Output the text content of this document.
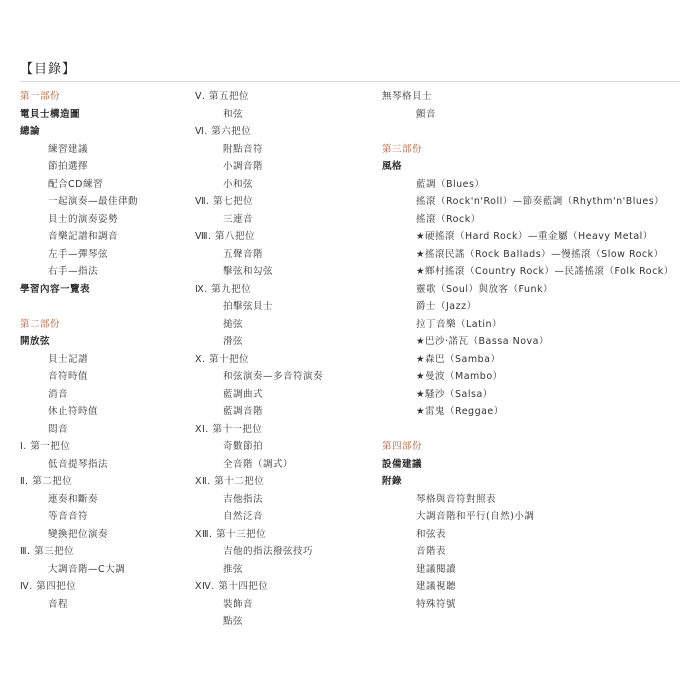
【目錄】
第一部份
電貝士構造圖
總論
練習建議
節拍選擇
配合CD練習
一起演奏—最佳律動
貝士的演奏姿勢
音樂記譜和調音
左手—彈琴弦
右手—指法
學習內容一覽表
第二部份
開放弦
貝士記譜
音符時值
消音
休止符時值
悶音
Ⅰ. 第一把位
低音提琴指法
Ⅱ. 第二把位
連奏和斷奏
等音音符
變換把位演奏
Ⅲ. 第三把位
大調音階—C大調
Ⅳ. 第四把位
音程
Ⅴ. 第五把位
和弦
Ⅵ. 第六把位
附點音符
小調音階
小和弦
Ⅶ. 第七把位
三連音
Ⅷ. 第八把位
五聲音階
擊弦和勾弦
Ⅸ. 第九把位
拍擊弦貝士
搥弦
滑弦
Ⅹ. 第十把位
和弦演奏—多音符演奏
藍調曲式
藍調音階
XⅠ. 第十一把位
奇數節拍
全音階（調式）
XⅡ. 第十二把位
吉他指法
自然泛音
XⅢ. 第十三把位
吉他的指法撥弦技巧
推弦
XⅣ. 第十四把位
裝飾音
點弦
無琴格貝士
顫音
第三部份
風格
藍調（Blues）
搖滾（Rock'n'Roll）—節奏藍調（Rhythm'n'Blues）
搖滾（Rock）
★硬搖滾（Hard Rock）—重金屬（Heavy Metal）
★搖滾民謠（Rock Ballads）—慢搖滾（Slow Rock）
★鄉村搖滾（Country Rock）—民謠搖滾（Folk Rock）
靈歌（Soul）與放客（Funk）
爵士（Jazz）
拉丁音樂（Latin）
★巴沙·諾瓦（Bassa Nova）
★森巴（Samba）
★曼波（Mambo）
★騷沙（Salsa）
★雷鬼（Reggae）
第四部份
設備建議
附錄
琴格與音符對照表
大調音階和平行(自然)小調
和弦表
音階表
建議閱讀
建議視聽
特殊符號
